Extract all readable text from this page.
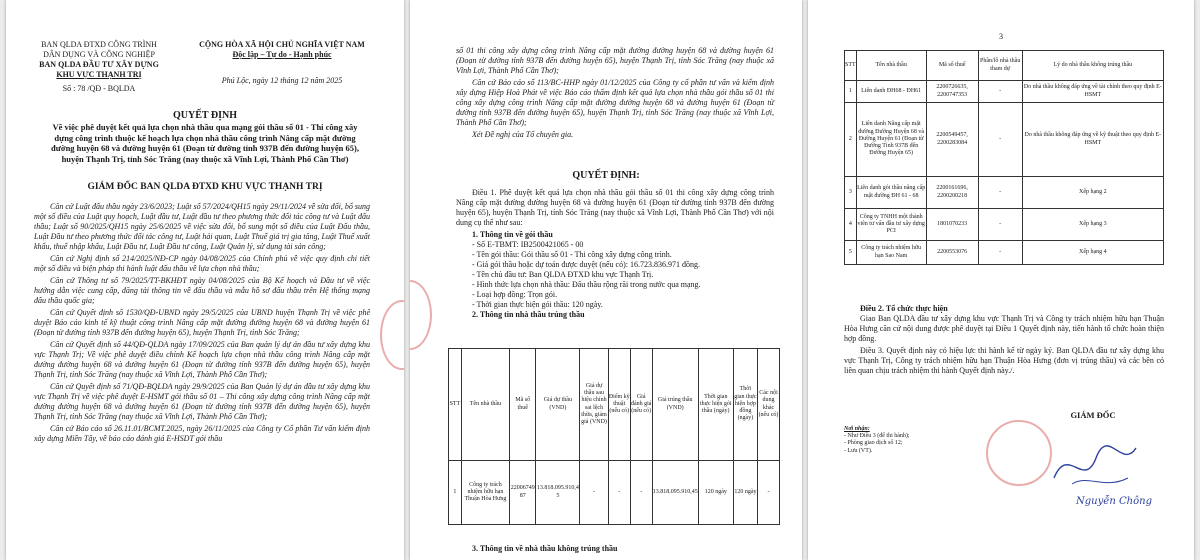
BAN QLDA ĐTXD CÔNG TRÌNH
DÂN DỤNG VÀ CÔNG NGHIỆP
BAN QLDA ĐẦU TƯ XÂY DỰNG
KHU VỰC THẠNH TRỊ
Số : 78 /QĐ - BQLDA
CỘNG HÒA XÃ HỘI CHỦ NGHĨA VIỆT NAM
Độc lập – Tự do - Hạnh phúc
Phú Lộc, ngày 12 tháng 12 năm 2025
QUYẾT ĐỊNH
Về việc phê duyệt kết quả lựa chọn nhà thầu qua mạng gói thầu số 01 - Thi công xây dựng công trình thuộc kế hoạch lựa chọn nhà thầu công trình Nâng cấp mặt đường đường huyện 68 và đường huyện 61 (Đoạn từ đường tỉnh 937B đến đường huyện 65), huyện Thạnh Trị, tỉnh Sóc Trăng (nay thuộc xã Vĩnh Lợi, Thành Phố Cần Thơ)
GIÁM ĐỐC BAN QLDA ĐTXD KHU VỰC THẠNH TRỊ

Căn cứ Luật đấu thầu ngày 23/6/2023; Luật số 57/2024/QH15 ngày 29/11/2024 về sửa đổi, bổ sung một số điều của Luật quy hoạch, Luật đầu tư, Luật đầu tư theo phương thức đối tác công tư và Luật đấu thầu; Luật số 90/2025/QH15 ngày 25/6/2025 về việc sửa đổi, bổ sung một số điều của Luật Đấu thầu, Luật Đầu tư theo phương thức đối tác công tư, Luật hải quan, Luật Thuế giá trị gia tăng, Luật Thuế xuất khẩu, thuế nhập khẩu, Luật Đầu tư, Luật Đầu tư công, Luật Quản lý, sử dụng tài sản công;

Căn cứ Nghị định số 214/2025/NĐ-CP ngày 04/08/2025 của Chính phủ về việc quy định chi tiết một số điều và biện pháp thi hành luật đấu thầu về lựa chọn nhà thầu;

Căn cứ Thông tư số 79/2025/TT-BKHĐT ngày 04/08/2025 của Bộ Kế hoạch và Đầu tư về việc hướng dẫn việc cung cấp, đăng tải thông tin về đấu thầu và mẫu hồ sơ đấu thầu trên Hệ thống mạng đấu thầu quốc gia;

Căn cứ Quyết định số 1530/QĐ-UBND ngày 29/5/2025 của UBND huyện Thạnh Trị về việc phê duyệt Báo cáo kinh tế kỹ thuật công trình Nâng cấp mặt đường đường huyện 68 và đường huyện 61 (Đoạn từ đường tỉnh 937B đến đường huyện 65), huyện Thạnh Trị, tỉnh Sóc Trăng;

Căn cứ Quyết định số 44/QĐ-QLDA ngày 17/09/2025 của Ban quản lý dự án đầu tư xây dựng khu vực Thạnh Trị; Về việc phê duyệt điều chỉnh Kế hoạch lựa chọn nhà thầu công trình Nâng cấp mặt đường đường huyện 68 và đường huyện 61 (Đoạn từ đường tỉnh 937B đến đường huyện 65), huyện Thạnh Trị, tỉnh Sóc Trăng (nay thuộc xã Vĩnh Lợi, Thành Phố Cần Thơ);

Căn cứ Quyết định số 71/QĐ-BQLDA ngày 29/9/2025 của Ban Quản lý dự án đầu tư xây dựng khu vực Thạnh Trị về việc phê duyệt E-HSMT gói thầu số 01 – Thi công xây dựng công trình Nâng cấp mặt đường đường huyện 68 và đường huyện 61 (Đoạn từ đường tỉnh 937B đến đường huyện 65), huyện Thạnh Trị, tỉnh Sóc Trăng (nay thuộc xã Vĩnh Lợi, Thành Phố Cần Thơ);

Căn cứ Báo cáo số 26.11.01/BCMT.2025, ngày 26/11/2025 của Công ty Cổ phần Tư vấn kiểm định xây dựng Miền Tây, về báo cáo đánh giá E-HSDT gói thầu

số 01 thi công xây dựng công trình Nâng cấp mặt đường đường huyện 68 và đường huyện 61 (Đoạn từ đường tỉnh 937B đến đường huyện 65), huyện Thạnh Trị, tỉnh Sóc Trăng (nay thuộc xã Vĩnh Lợi, Thành Phố Cần Thơ);

Căn cứ Báo cáo số 113/BC-HHP ngày 01/12/2025 của Công ty cổ phần tư vấn và kiểm định xây dựng Hiệp Hoà Phát về việc Báo cáo thẩm định kết quả lựa chọn nhà thầu gói thầu số 01 thi công xây dựng công trình Nâng cấp mặt đường đường huyện 68 và đường huyện 61 (Đoạn từ đường tỉnh 937B đến đường huyện 65), huyện Thạnh Trị, tỉnh Sóc Trăng (nay thuộc xã Vĩnh Lợi, Thành Phố Cần Thơ);

Xét Đề nghị của Tổ chuyên gia.

QUYẾT ĐỊNH:

Điều 1. Phê duyệt kết quả lựa chọn nhà thầu gói thầu số 01 thi công xây dựng công trình Nâng cấp mặt đường đường huyện 68 và đường huyện 61 (Đoạn từ đường tỉnh 937B đến đường huyện 65), huyện Thạnh Trị, tỉnh Sóc Trăng (nay thuộc xã Vĩnh Lợi, Thành Phố Cần Thơ) với nội dung cụ thể như sau:

1. Thông tin về gói thầu

- Số E-TBMT: IB2500421065 - 00

- Tên gói thầu: Gói thầu số 01 - Thi công xây dựng công trình.

- Giá gói thầu hoặc dự toán được duyệt (nếu có): 16.723.836.971 đồng.

- Tên chủ đầu tư: Ban QLDA ĐTXD khu vực Thạnh Trị.

- Hình thức lựa chọn nhà thầu: Đấu thầu rộng rãi trong nước qua mạng.

- Loại hợp đồng: Trọn gói.

- Thời gian thực hiện gói thầu: 120 ngày.

2. Thông tin nhà thầu trúng thầu

STT	Tên nhà thầu	Mã số thuế	Giá dự thầu (VND)	Giá dự thầu sau hiệu chỉnh sai lệch thừa, giảm giá (VND)	Điểm kỹ thuật (nếu có)	Giá đánh giá (nếu có)	Giá trúng thầu (VND)	Thời gian thực hiện gói thầu (ngày)	Thời gian thực hiện hợp đồng (ngày)	Các nội dung khác (nếu có)
1	Công ty trách nhiệm hữu hạn Thuận Hòa Hưng	2200674987	13.818.095.910,45	-	-	-	13.818.095.910,45	120 ngày	120 ngày	-
3. Thông tin về nhà thầu không trúng thầu
3
STT	Tên nhà thầu	Mã số thuế	Phần/lô nhà thầu tham dự	Lý do nhà thầu không trúng thầu
1	Liên danh ĐH68 - ĐH61	2200726635, 2200747353	-	Do nhà thầu không đáp ứng về tài chính theo quy định E-HSMT
2	Liên danh Nâng cấp mặt đường Đường Huyện 68 và Đường Huyện 61 (Đoạn từ Đường Tỉnh 937B đến Đường Huyện 65)	2200549457, 2200283084	-	Do nhà thầu không đáp ứng về kỹ thuật theo quy định E-HSMT
3	Liên danh gói thầu nâng cấp mặt đường ĐH 61 - 68	2200161696, 2200200218	-	Xếp hạng 2
4	Công ty TNHH một thành viên tư vấn đầu tư xây dựng PCI	1801070233	-	Xếp hạng 3
5	Công ty trách nhiệm hữu hạn Sao Nam	2200553076	-	Xếp hạng 4

Điều 2. Tổ chức thực hiện

Giao Ban QLDA đầu tư xây dựng khu vực Thạnh Trị và Công ty trách nhiệm hữu hạn Thuận Hòa Hưng căn cứ nội dung được phê duyệt tại Điều 1 Quyết định này, tiến hành tổ chức hoàn thiện hợp đồng.

Điều 3. Quyết định này có hiệu lực thi hành kể từ ngày ký. Ban QLDA đầu tư xây dựng khu vực Thạnh Trị, Công ty trách nhiệm hữu hạn Thuận Hòa Hưng (đơn vị trúng thầu) và các bên có liên quan chịu trách nhiệm thi hành Quyết định này./.

GIÁM ĐỐC
Nơi nhận:
- Như Điều 3 (để thi hành);
- Phòng giao dịch số 12;
- Lưu (VT).
Nguyễn Chông
